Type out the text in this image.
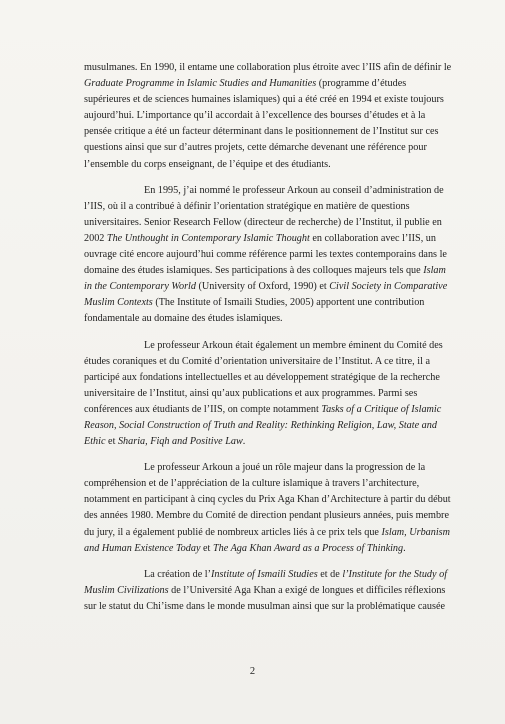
musulmanes. En 1990, il entame une collaboration plus étroite avec l’IIS afin de définir le Graduate Programme in Islamic Studies and Humanities (programme d’études supérieures et de sciences humaines islamiques) qui a été créé en 1994 et existe toujours aujourd’hui. L’importance qu’il accordait à l’excellence des bourses d’études et à la pensée critique a été un facteur déterminant dans le positionnement de l’Institut sur ces questions ainsi que sur d’autres projets, cette démarche devenant une référence pour l’ensemble du corps enseignant, de l’équipe et des étudiants.

En 1995, j’ai nommé le professeur Arkoun au conseil d’administration de l’IIS, où il a contribué à définir l’orientation stratégique en matière de questions universitaires. Senior Research Fellow (directeur de recherche) de l’Institut, il publie en 2002 The Unthought in Contemporary Islamic Thought en collaboration avec l’IIS, un ouvrage cité encore aujourd’hui comme référence parmi les textes contemporains dans le domaine des études islamiques. Ses participations à des colloques majeurs tels que Islam in the Contemporary World (University of Oxford, 1990) et Civil Society in Comparative Muslim Contexts (The Institute of Ismaili Studies, 2005) apportent une contribution fondamentale au domaine des études islamiques.

Le professeur Arkoun était également un membre éminent du Comité des études coraniques et du Comité d’orientation universitaire de l’Institut. A ce titre, il a participé aux fondations intellectuelles et au développement stratégique de la recherche universitaire de l’Institut, ainsi qu’aux publications et aux programmes. Parmi ses conférences aux étudiants de l’IIS, on compte notamment Tasks of a Critique of Islamic Reason, Social Construction of Truth and Reality: Rethinking Religion, Law, State and Ethic et Sharia, Fiqh and Positive Law.

Le professeur Arkoun a joué un rôle majeur dans la progression de la compréhension et de l’appréciation de la culture islamique à travers l’architecture, notamment en participant à cinq cycles du Prix Aga Khan d’Architecture à partir du début des années 1980. Membre du Comité de direction pendant plusieurs années, puis membre du jury, il a également publié de nombreux articles liés à ce prix tels que Islam, Urbanism and Human Existence Today et The Aga Khan Award as a Process of Thinking.

La création de l’Institute of Ismaili Studies et de l’Institute for the Study of Muslim Civilizations de l’Université Aga Khan a exigé de longues et difficiles réflexions sur le statut du Chi’isme dans le monde musulman ainsi que sur la problématique causée

2
